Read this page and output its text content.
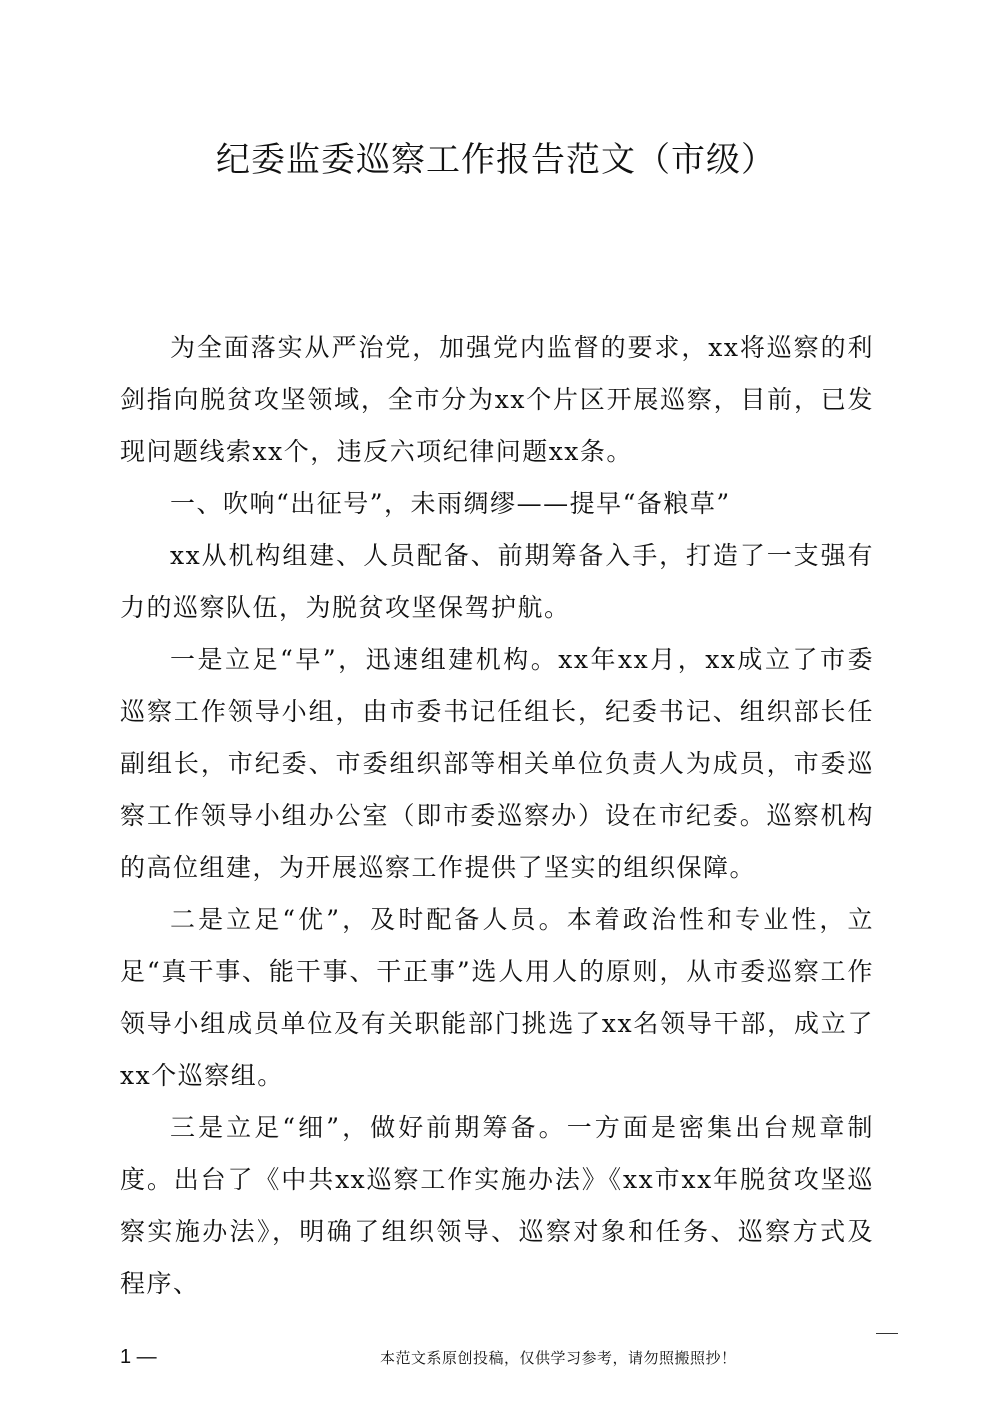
纪委监委巡察工作报告范文（市级）

为全面落实从严治党，加强党内监督的要求，xx将巡察的利剑指向脱贫攻坚领域，全市分为xx个片区开展巡察，目前，已发现问题线索xx个，违反六项纪律问题xx条。

一、吹响“出征号”，未雨绸缪——提早“备粮草”

xx从机构组建、人员配备、前期筹备入手，打造了一支强有力的巡察队伍，为脱贫攻坚保驾护航。

一是立足“早”，迅速组建机构。xx年xx月，xx成立了市委巡察工作领导小组，由市委书记任组长，纪委书记、组织部长任副组长，市纪委、市委组织部等相关单位负责人为成员，市委巡察工作领导小组办公室（即市委巡察办）设在市纪委。巡察机构的高位组建，为开展巡察工作提供了坚实的组织保障。

二是立足“优”，及时配备人员。本着政治性和专业性，立足“真干事、能干事、干正事”选人用人的原则，从市委巡察工作领导小组成员单位及有关职能部门挑选了xx名领导干部，成立了xx个巡察组。

三是立足“细”，做好前期筹备。一方面是密集出台规章制度。出台了《中共xx巡察工作实施办法》《xx市xx年脱贫攻坚巡察实施办法》，明确了组织领导、巡察对象和任务、巡察方式及程序、

1 —	本范文系原创投稿，仅供学习参考，请勿照搬照抄！
